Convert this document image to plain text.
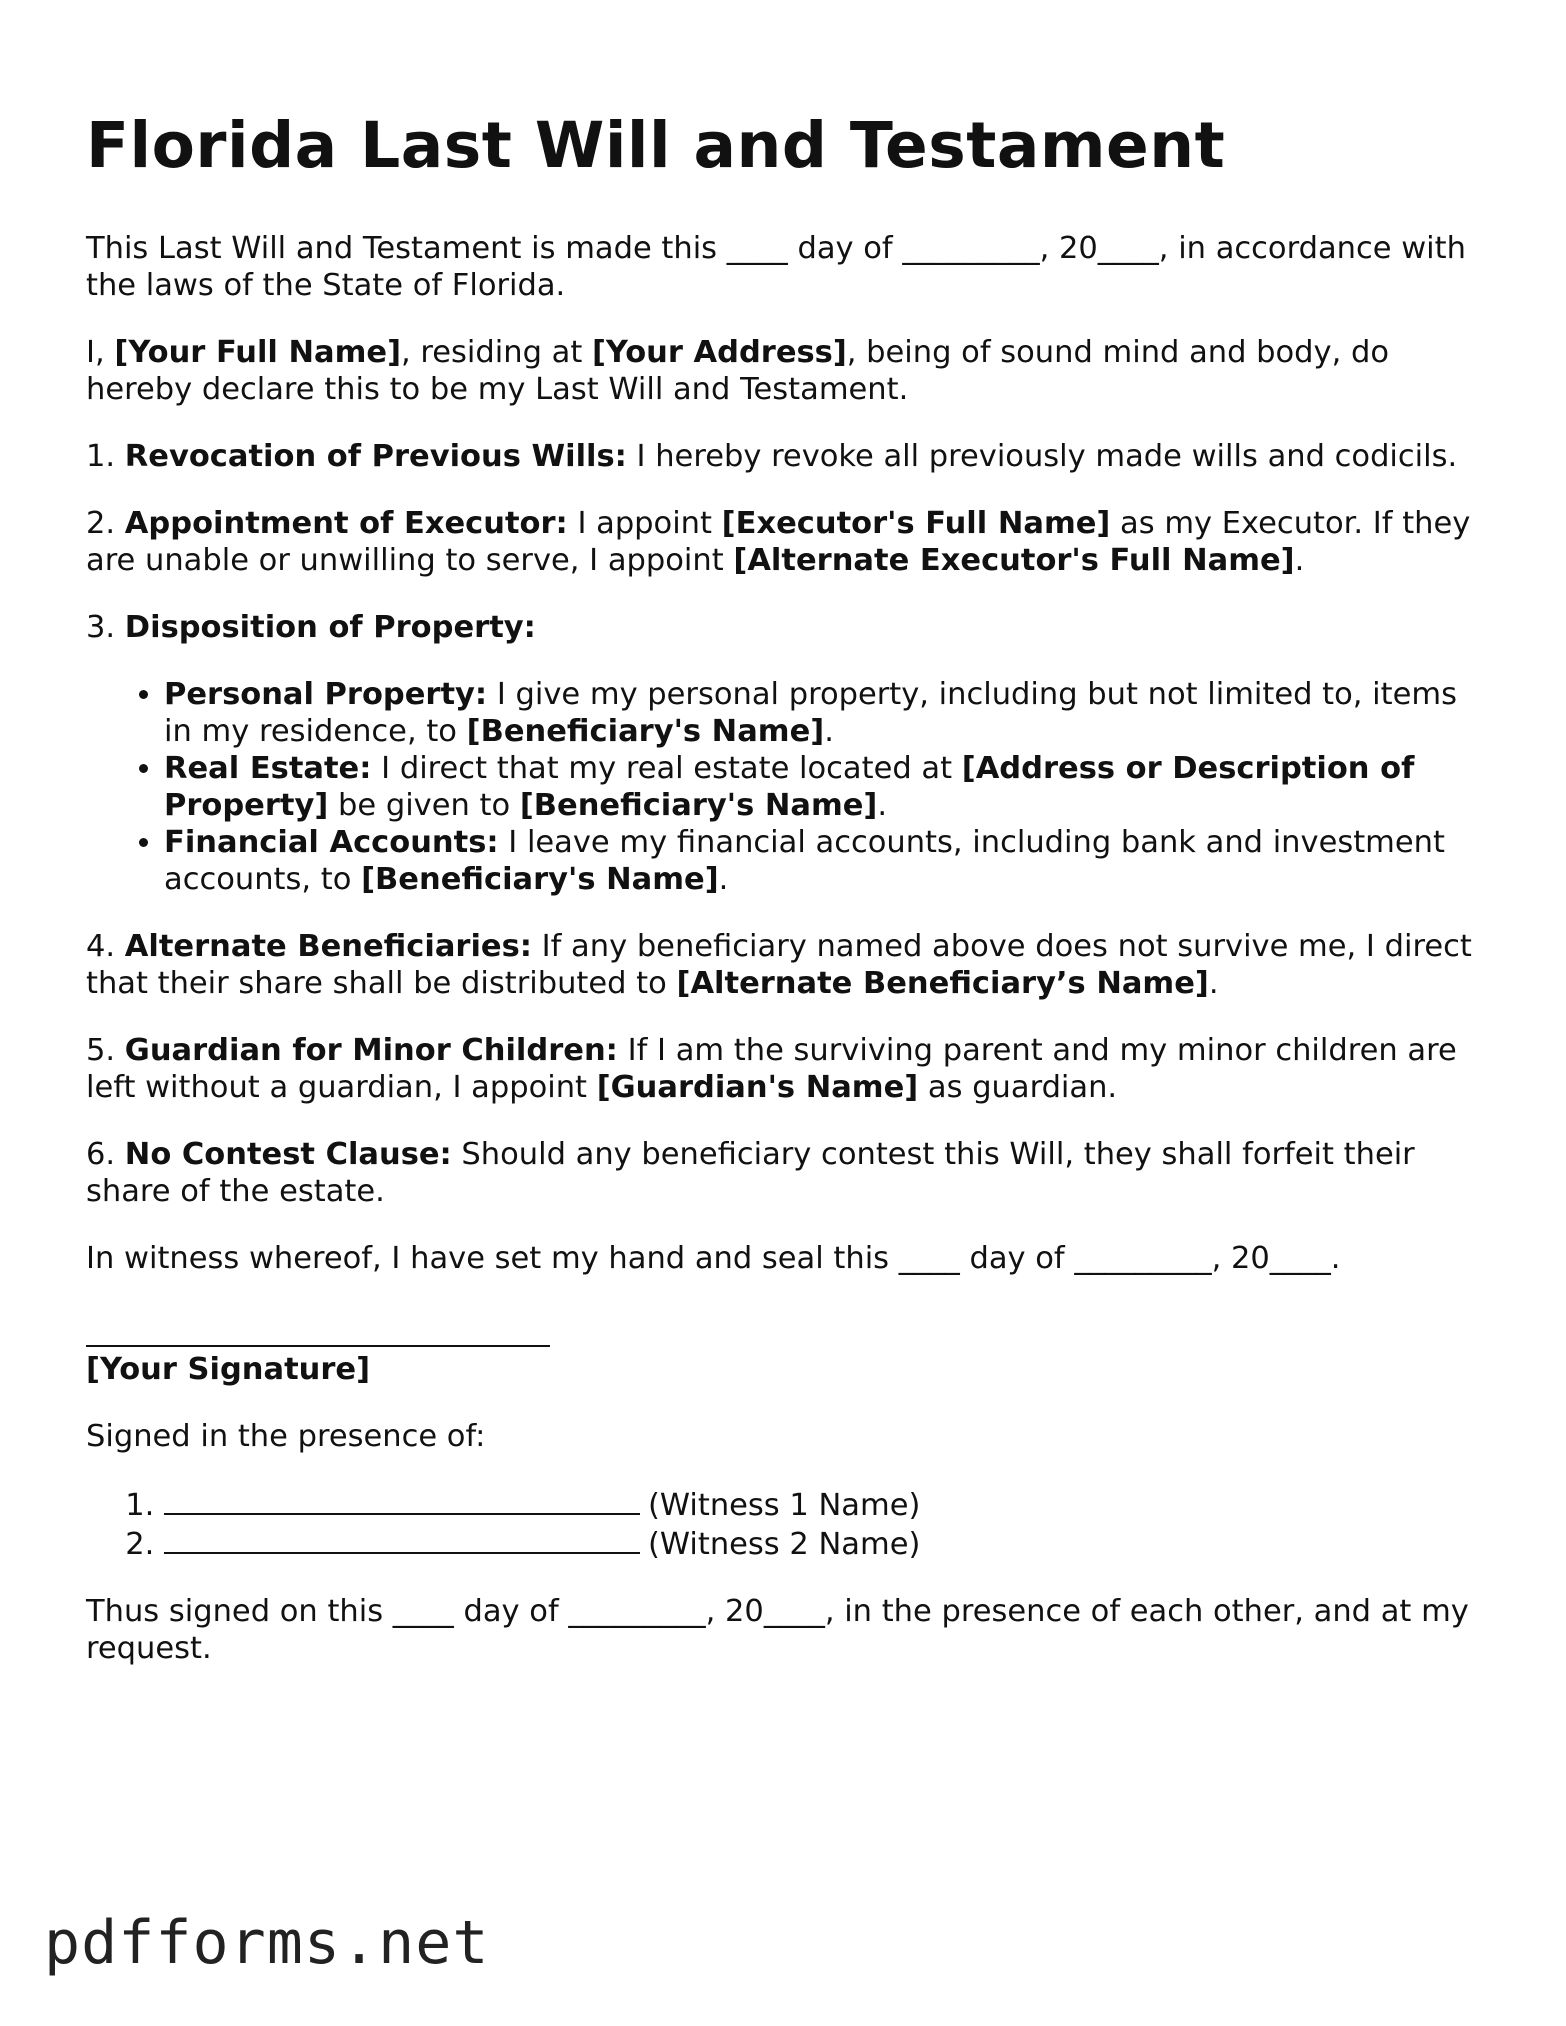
Florida Last Will and Testament

This Last Will and Testament is made this ____ day of _________, 20____, in accordance with the laws of the State of Florida.

I, [Your Full Name], residing at [Your Address], being of sound mind and body, do hereby declare this to be my Last Will and Testament.

1. Revocation of Previous Wills: I hereby revoke all previously made wills and codicils.

2. Appointment of Executor: I appoint [Executor's Full Name] as my Executor. If they are unable or unwilling to serve, I appoint [Alternate Executor's Full Name].

3. Disposition of Property:

• Personal Property: I give my personal property, including but not limited to, items in my residence, to [Beneficiary's Name].
• Real Estate: I direct that my real estate located at [Address or Description of Property] be given to [Beneficiary's Name].
• Financial Accounts: I leave my financial accounts, including bank and investment accounts, to [Beneficiary's Name].

4. Alternate Beneficiaries: If any beneficiary named above does not survive me, I direct that their share shall be distributed to [Alternate Beneficiary’s Name].

5. Guardian for Minor Children: If I am the surviving parent and my minor children are left without a guardian, I appoint [Guardian's Name] as guardian.

6. No Contest Clause: Should any beneficiary contest this Will, they shall forfeit their share of the estate.

In witness whereof, I have set my hand and seal this ____ day of _________, 20____.

[Your Signature]

Signed in the presence of:

1. (Witness 1 Name)
2. (Witness 2 Name)

Thus signed on this ____ day of _________, 20____, in the presence of each other, and at my request.

pdfforms.net
